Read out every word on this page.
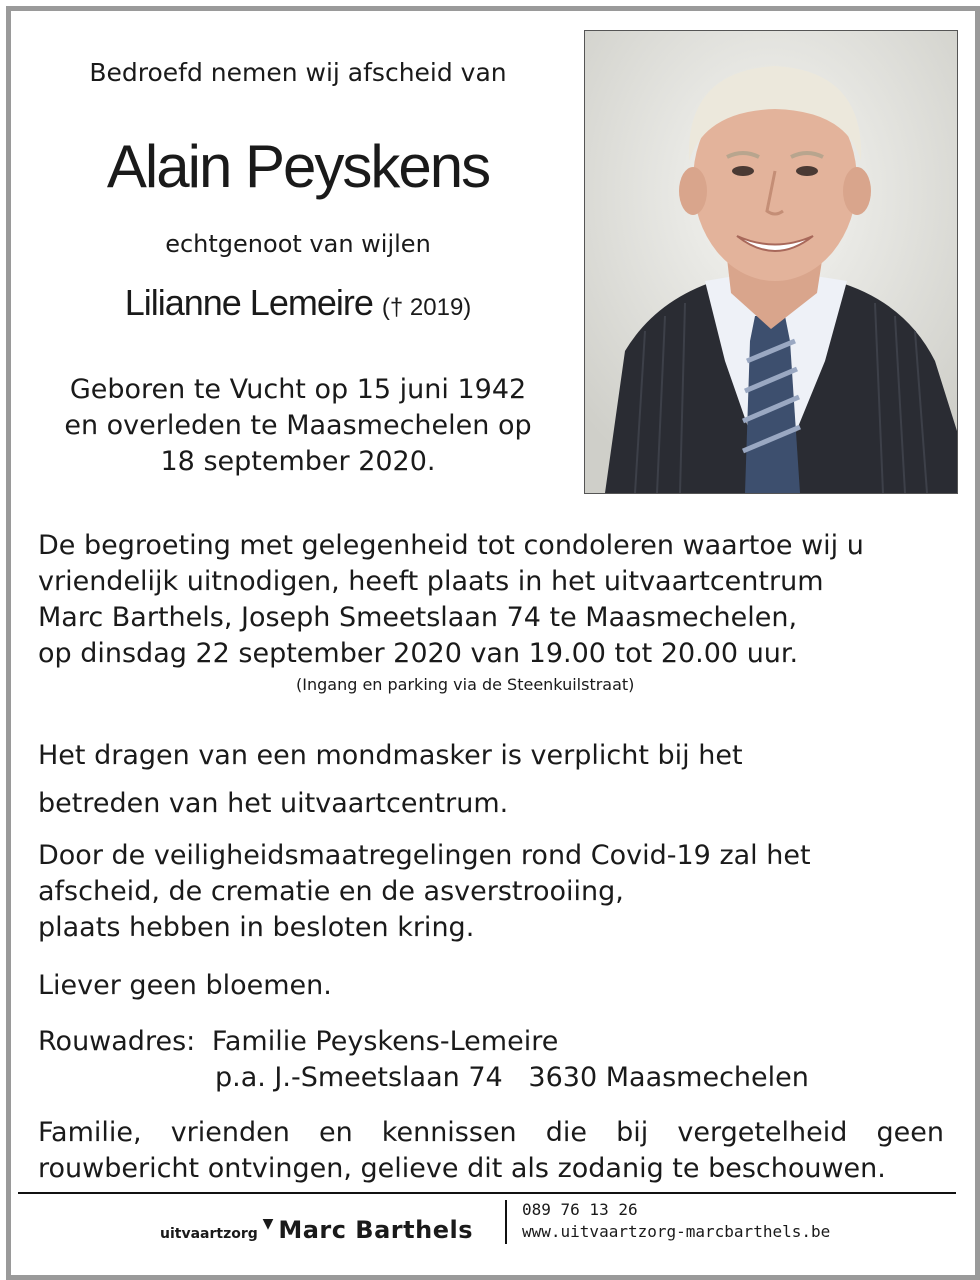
Bedroefd nemen wij afscheid van
Alain Peyskens
echtgenoot van wijlen
Lilianne Lemeire († 2019)
Geboren te Vucht op 15 juni 1942
en overleden te Maasmechelen op
18 september 2020.
De begroeting met gelegenheid tot condoleren waartoe wij u
vriendelijk uitnodigen, heeft plaats in het uitvaartcentrum
Marc Barthels, Joseph Smeetslaan 74 te Maasmechelen,
op dinsdag 22 september 2020 van 19.00 tot 20.00 uur.
(Ingang en parking via de Steenkuilstraat)
Het dragen van een mondmasker is verplicht bij het
betreden van het uitvaartcentrum.
Door de veiligheidsmaatregelingen rond Covid-19 zal het
afscheid, de crematie en de asverstrooiing,
plaats hebben in besloten kring.
Liever geen bloemen.
Rouwadres: Familie Peyskens-Lemeire
p.a. J.-Smeetslaan 74   3630 Maasmechelen
Familie, vrienden en kennissen die bij vergetelheid geen
rouwbericht ontvingen, gelieve dit als zodanig te beschouwen.
uitvaartzorg ▼ Marc Barthels
089 76 13 26
www.uitvaartzorg-marcbarthels.be
